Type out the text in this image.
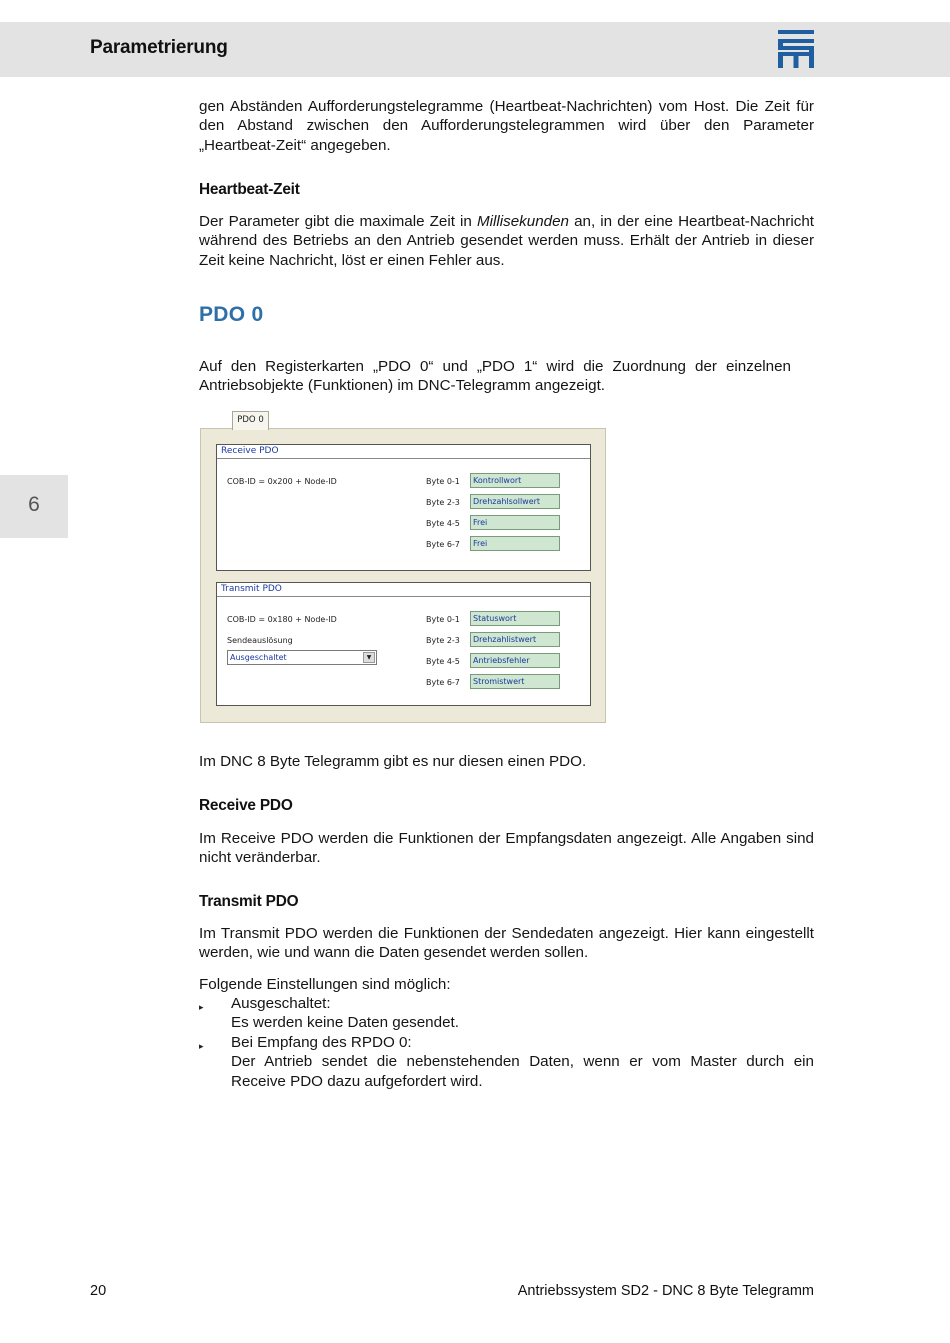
Parametrierung
6
gen Abständen Aufforderungstelegramme (Heartbeat-Nachrichten) vom Host. Die Zeit für den Abstand zwischen den Aufforderungstelegrammen wird über den Parameter „Heartbeat-Zeit“ angegeben.
Heartbeat-Zeit
Der Parameter gibt die maximale Zeit in Millisekunden an, in der eine Heartbeat-Nachricht während des Betriebs an den Antrieb gesendet werden muss. Erhält der Antrieb in dieser Zeit keine Nachricht, löst er einen Fehler aus.
PDO 0
Auf den Registerkarten „PDO 0“ und „PDO 1“ wird die Zuordnung der einzelnen Antriebsobjekte (Funktionen) im DNC-Telegramm angezeigt.
PDO 0
Receive PDO
COB-ID = 0x200 + Node-ID	Byte 0-1	Kontrollwort
Byte 2-3	Drehzahlsollwert
Byte 4-5	Frei
Byte 6-7	Frei
Transmit PDO
COB-ID = 0x180 + Node-ID
Sendeauslösung
Ausgeschaltet	▼
Byte 0-1	Statuswort
Byte 2-3	Drehzahlistwert
Byte 4-5	Antriebsfehler
Byte 6-7	Stromistwert
Im DNC 8 Byte Telegramm gibt es nur diesen einen PDO.
Receive PDO
Im Receive PDO werden die Funktionen der Empfangsdaten angezeigt. Alle Angaben sind nicht veränderbar.
Transmit PDO
Im Transmit PDO werden die Funktionen der Sendedaten angezeigt. Hier kann eingestellt werden, wie und wann die Daten gesendet werden sollen.
Folgende Einstellungen sind möglich:
▸ Ausgeschaltet:
Es werden keine Daten gesendet.
▸ Bei Empfang des RPDO 0:
Der Antrieb sendet die nebenstehenden Daten, wenn er vom Master durch ein Receive PDO dazu aufgefordert wird.
20	Antriebssystem SD2 - DNC 8 Byte Telegramm
